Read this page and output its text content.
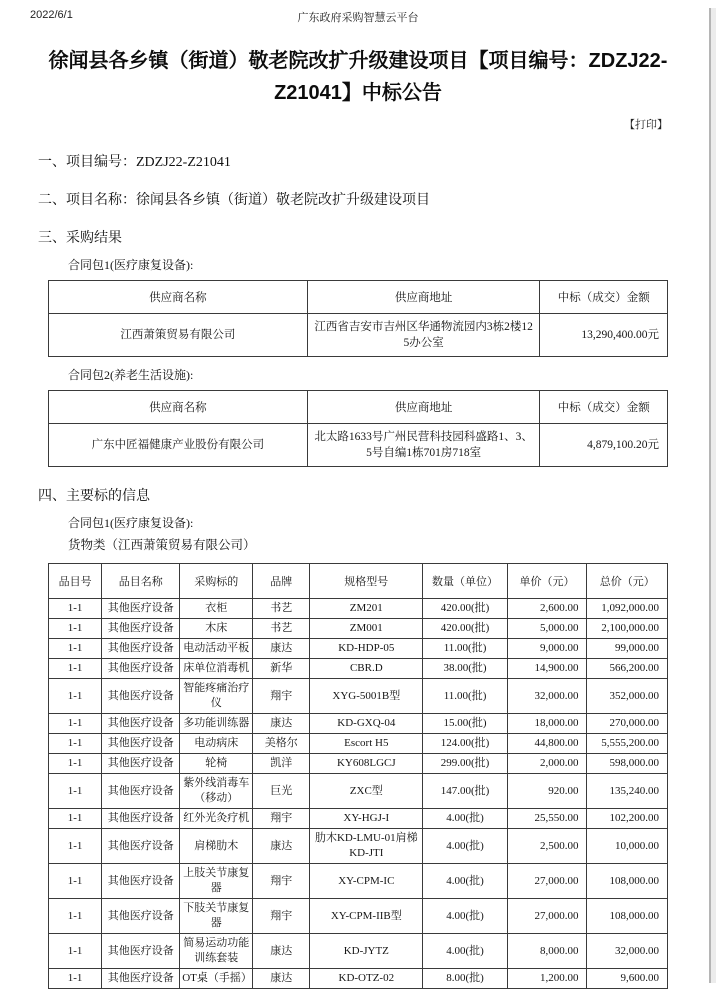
2022/6/1	广东政府采购智慧云平台
徐闻县各乡镇（街道）敬老院改扩升级建设项目【项目编号：ZDZJ22-Z21041】中标公告
【打印】

一、项目编号：ZDZJ22-Z21041

二、项目名称：徐闻县各乡镇（街道）敬老院改扩升级建设项目

三、采购结果

合同包1(医疗康复设备):

供应商名称	供应商地址	中标（成交）金额
江西萧策贸易有限公司	江西省吉安市吉州区华通物流园内3栋2楼125办公室	13,290,400.00元

合同包2(养老生活设施):

供应商名称	供应商地址	中标（成交）金额
广东中匠福健康产业股份有限公司	北太路1633号广州民营科技园科盛路1、3、5号自编1栋701房718室	4,879,100.20元

四、主要标的信息

合同包1(医疗康复设备):

货物类（江西萧策贸易有限公司）

品目号	品目名称	采购标的	品牌	规格型号	数量（单位）	单价（元）	总价（元）
1-1	其他医疗设备	衣柜	书艺	ZM201	420.00(批)	2,600.00	1,092,000.00
1-1	其他医疗设备	木床	书艺	ZM001	420.00(批)	5,000.00	2,100,000.00
1-1	其他医疗设备	电动活动平板	康达	KD-HDP-05	11.00(批)	9,000.00	99,000.00
1-1	其他医疗设备	床单位消毒机	新华	CBR.D	38.00(批)	14,900.00	566,200.00
1-1	其他医疗设备	智能疼痛治疗仪	翔宇	XYG-5001B型	11.00(批)	32,000.00	352,000.00
1-1	其他医疗设备	多功能训练器	康达	KD-GXQ-04	15.00(批)	18,000.00	270,000.00
1-1	其他医疗设备	电动病床	美格尔	Escort H5	124.00(批)	44,800.00	5,555,200.00
1-1	其他医疗设备	轮椅	凯洋	KY608LGCJ	299.00(批)	2,000.00	598,000.00
1-1	其他医疗设备	紫外线消毒车（移动）	巨光	ZXC型	147.00(批)	920.00	135,240.00
1-1	其他医疗设备	红外光灸疗机	翔宇	XY-HGJ-I	4.00(批)	25,550.00	102,200.00
1-1	其他医疗设备	肩梯肋木	康达	肋木KD-LMU-01肩梯KD-JTI	4.00(批)	2,500.00	10,000.00
1-1	其他医疗设备	上肢关节康复器	翔宇	XY-CPM-IC	4.00(批)	27,000.00	108,000.00
1-1	其他医疗设备	下肢关节康复器	翔宇	XY-CPM-IIB型	4.00(批)	27,000.00	108,000.00
1-1	其他医疗设备	简易运动功能训练套装	康达	KD-JYTZ	4.00(批)	8,000.00	32,000.00
1-1	其他医疗设备	OT桌（手摇）	康达	KD-OTZ-02	8.00(批)	1,200.00	9,600.00
